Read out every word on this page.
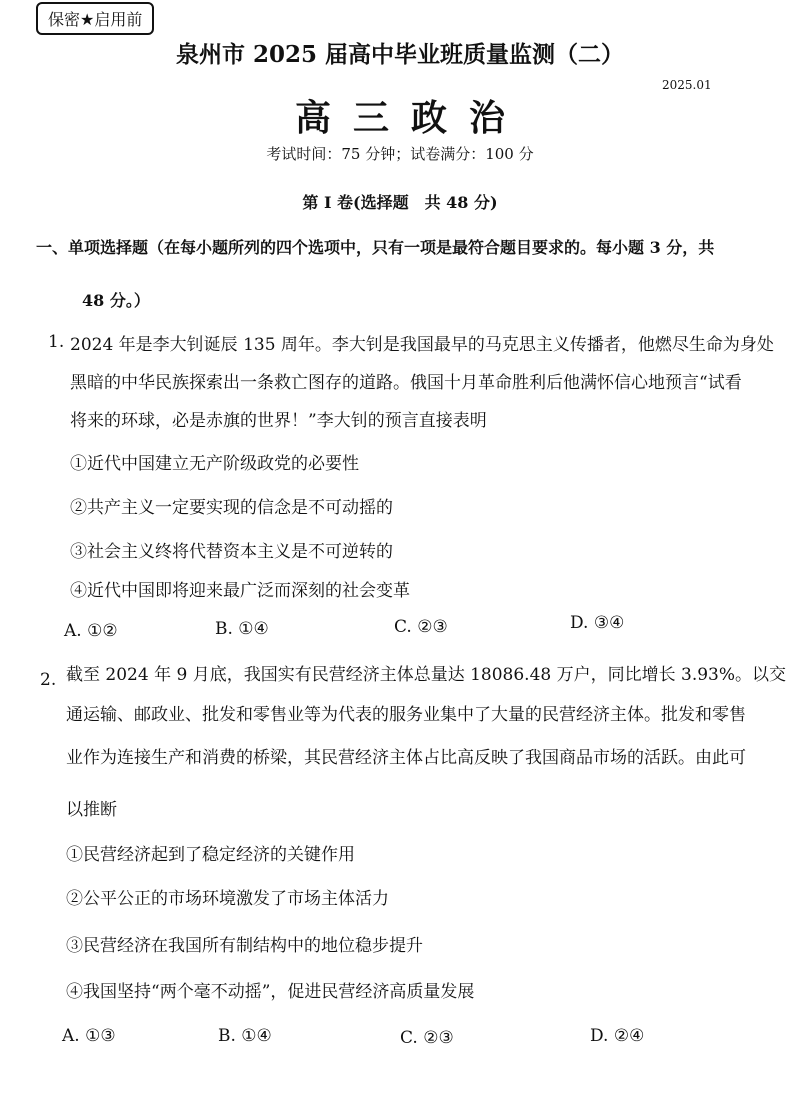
保密★启用前
泉州市 2025 届高中毕业班质量监测（二）
2025.01
高三政治
考试时间：75 分钟；试卷满分：100 分
第 I 卷(选择题　共 48 分)
一、单项选择题（在每小题所列的四个选项中，只有一项是最符合题目要求的。每小题 3 分，共
48 分。）
1. 2024 年是李大钊诞辰 135 周年。李大钊是我国最早的马克思主义传播者，他燃尽生命为身处
黑暗的中华民族探索出一条救亡图存的道路。俄国十月革命胜利后他满怀信心地预言“试看
将来的环球，必是赤旗的世界！”李大钊的预言直接表明
①近代中国建立无产阶级政党的必要性
②共产主义一定要实现的信念是不可动摇的
③社会主义终将代替资本主义是不可逆转的
④近代中国即将迎来最广泛而深刻的社会变革
A. ①②	B. ①④	C. ②③	D. ③④
2. 截至 2024 年 9 月底，我国实有民营经济主体总量达 18086.48 万户，同比增长 3.93%。以交
通运输、邮政业、批发和零售业等为代表的服务业集中了大量的民营经济主体。批发和零售
业作为连接生产和消费的桥梁，其民营经济主体占比高反映了我国商品市场的活跃。由此可
以推断
①民营经济起到了稳定经济的关键作用
②公平公正的市场环境激发了市场主体活力
③民营经济在我国所有制结构中的地位稳步提升
④我国坚持“两个毫不动摇”，促进民营经济高质量发展
A. ①③	B. ①④	C. ②③	D. ②④
